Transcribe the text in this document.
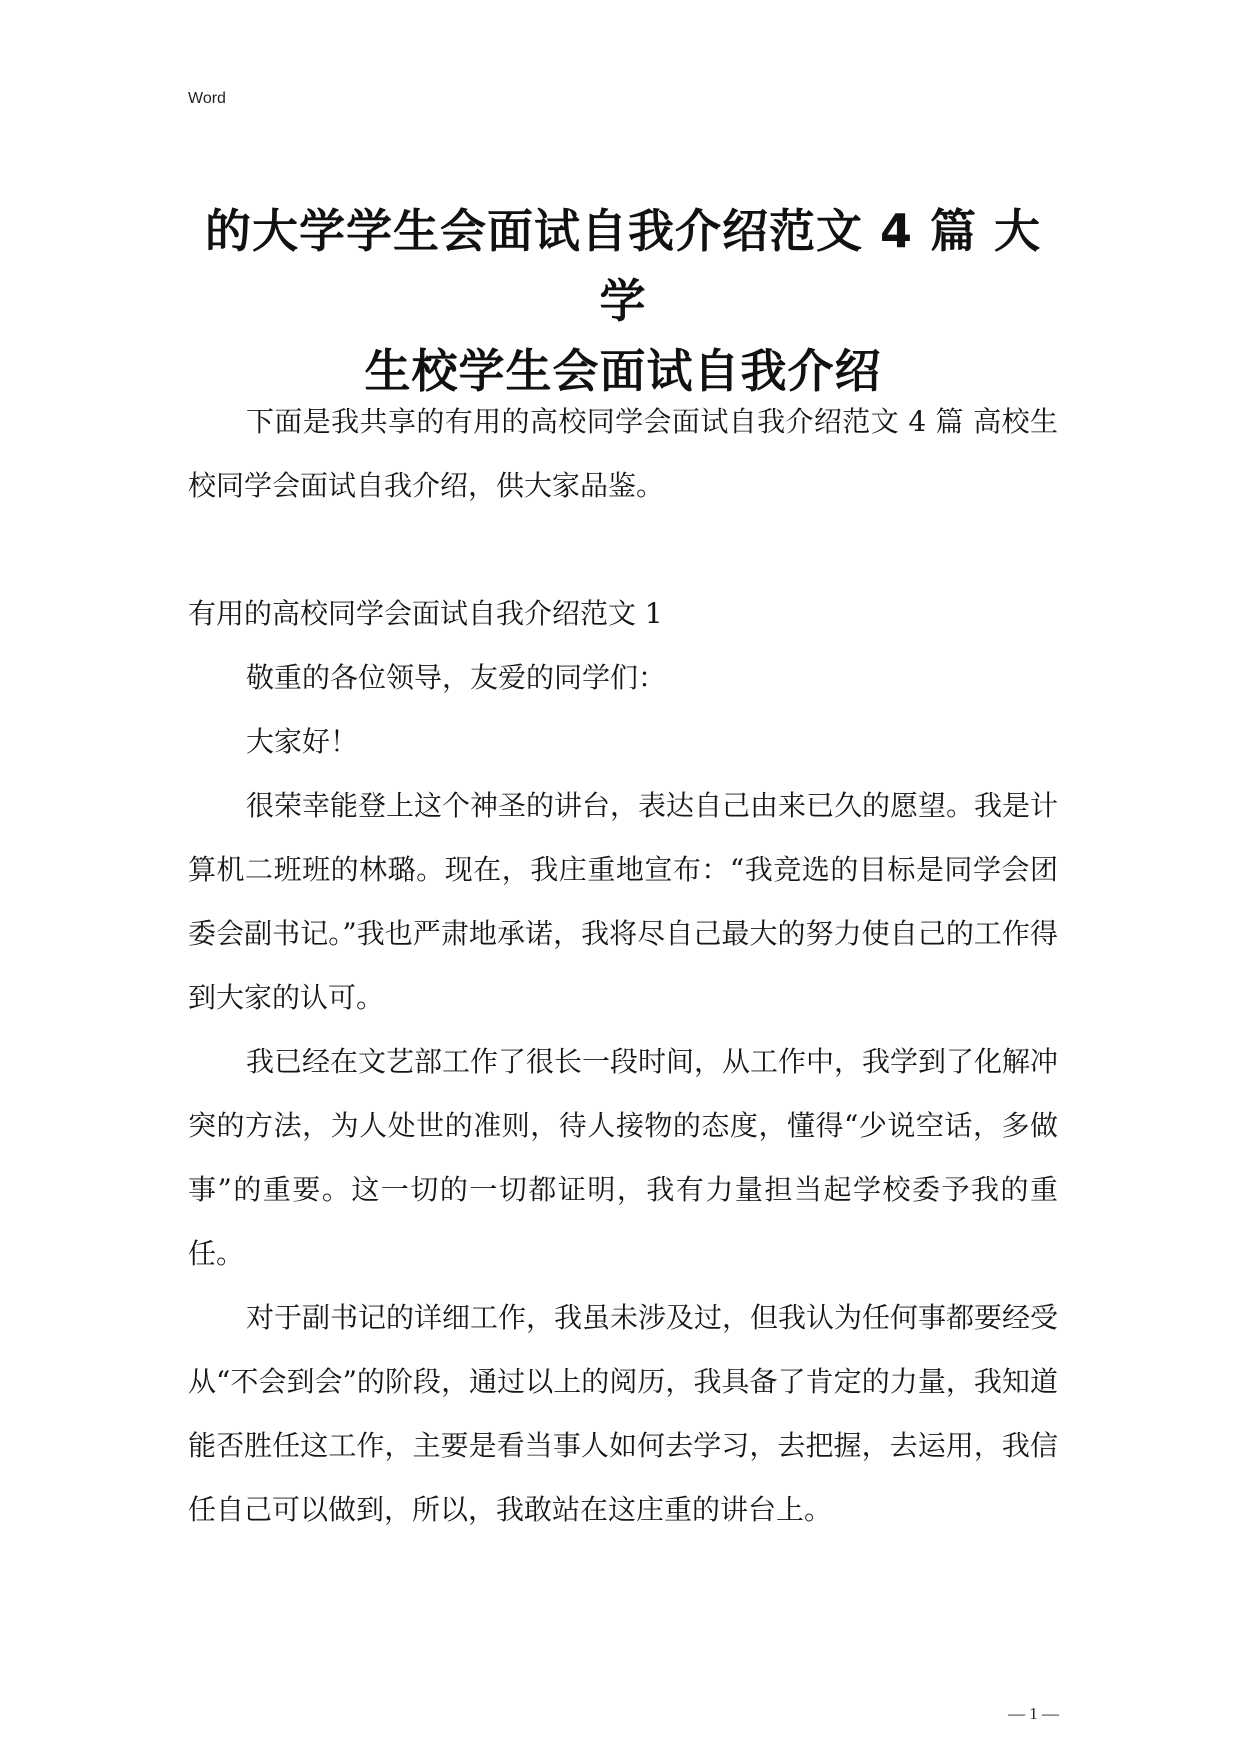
Word
的大学学生会面试自我介绍范文 4 篇 大学
生校学生会面试自我介绍

下面是我共享的有用的高校同学会面试自我介绍范文 4 篇 高校生校同学会面试自我介绍，供大家品鉴。

有用的高校同学会面试自我介绍范文 1

敬重的各位领导，友爱的同学们：

大家好！

很荣幸能登上这个神圣的讲台，表达自己由来已久的愿望。我是计算机二班班的林璐。现在，我庄重地宣布：“我竞选的目标是同学会团委会副书记。”我也严肃地承诺，我将尽自己最大的努力使自己的工作得到大家的认可。

我已经在文艺部工作了很长一段时间，从工作中，我学到了化解冲突的方法，为人处世的准则，待人接物的态度，懂得“少说空话，多做事”的重要。这一切的一切都证明，我有力量担当起学校委予我的重任。

对于副书记的详细工作，我虽未涉及过，但我认为任何事都要经受从“不会到会”的阶段，通过以上的阅历，我具备了肯定的力量，我知道能否胜任这工作，主要是看当事人如何去学习，去把握，去运用，我信任自己可以做到，所以，我敢站在这庄重的讲台上。

— 1 —
